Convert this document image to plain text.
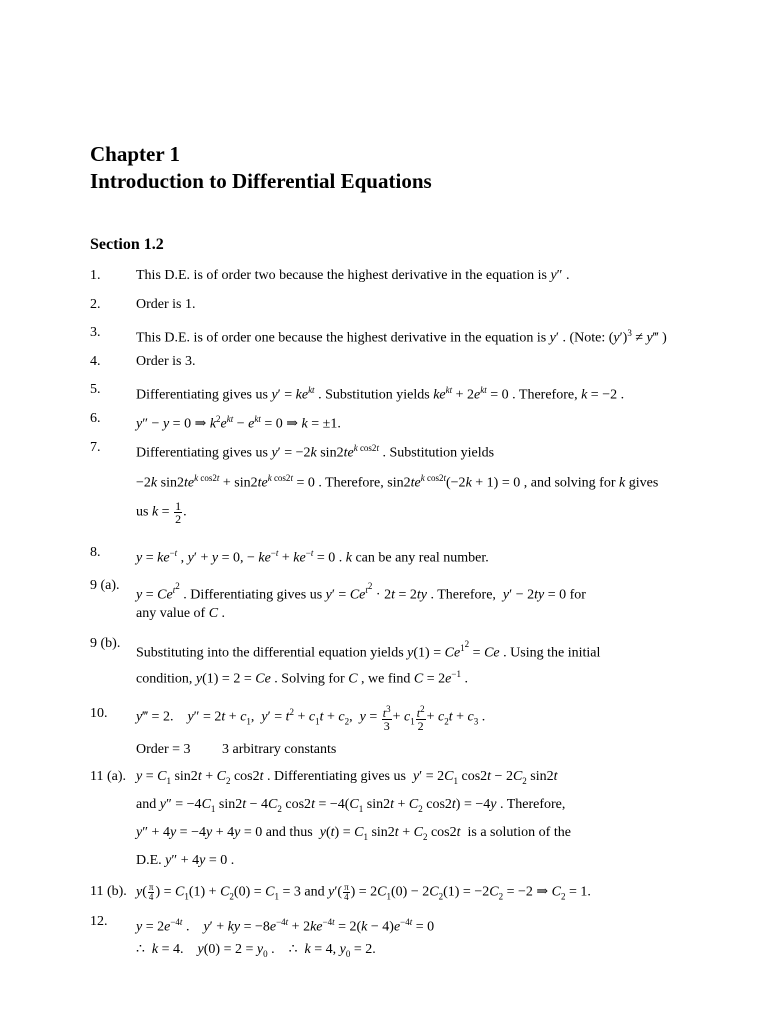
Chapter 1
Introduction to Differential Equations
Section 1.2
1.	This D.E. is of order two because the highest derivative in the equation is y″ .
2.	Order is 1.
3.	This D.E. is of order one because the highest derivative in the equation is y′ . (Note: $(y')^3$ ≠ y‴ )
4.	Order is 3.
5.	Differentiating gives us $y' = ke^{kt}$ . Substitution yields $ke^{kt} + 2e^{kt} = 0$ . Therefore, k = −2 .
6.	y″ − y = 0 ⇒ $k^2e^{kt} - e^{kt} = 0$ ⇒ k = ±1.
7.	Differentiating gives us y′ = −2k $\sin 2te^{k cos2t}$ . Substitution yields
−2k $\sin 2te^{k cos2t} + \sin 2te^{k cos2t} = 0$ . Therefore, $\sin 2te^{k cos2t}(-2k + 1) = 0$ , and solving for k gives
us $k = \frac{1}{2}$ .
8.	$y = ke^{-t}$ , y′ + y = 0, − $ke^{-t} + ke^{-t} = 0$ . k can be any real number.
9 (a).
$y = Ce^{t^2}$ . Differentiating gives us $y' = Ce^{t^2} \cdot 2t = 2ty$ . Therefore,  y′ − 2ty = 0 for
any value of C .
9 (b).
Substituting into the differential equation yields $y(1) = Ce^{1^2} = Ce$ . Using the initial
condition, y(1) = 2 = Ce . Solving for C , we find $C = 2e^{-1}$ .
10. y‴ = 2.    $y'' = 2t + c_1$,  $y' = t^2 + c_1t + c_2$,  $y = \frac{t^3}{3} + c_1 \frac{t^2}{2} + c_2t + c_3$ .
Order = 3         3 arbitrary constants
11 (a). $y = C_1$ $\sin 2t + C_2$ cos2t . Differentiating gives us  $y' = 2C_1$ $\cos 2t - 2C_2$ sin2t
and $y'' = -4C_1$ $\sin 2t - 4C_2$ $\cos 2t = -4(C_1$ $\sin 2t + C_2$ cos2t) = −4y . Therefore,
y″ + 4y = −4y + 4y = 0 and thus  $y(t) = C_1$ $\sin 2t + C_2$ cos2t  is a solution of the
D.E. y″ + 4y = 0 .
11 (b). $y( \frac{\pi}{4}$ ) = $C_1(1) + C_2(0) = C_1 = 3$ and $y'( \frac{\pi}{4}$ ) = $2C_1(0) - 2C_2(1) = -2C_2 = -2$ ⇒ $C_2 = 1$.
12. $y = 2e^{-4t}$ .    y′ + ky = $-8e^{-4t} + 2ke^{-4t} = 2(k - 4)e^{-4t} = 0$
∴  k = 4.    $y(0) = 2 = y_0$ .    ∴  k = 4, $y_0 = 2$.
